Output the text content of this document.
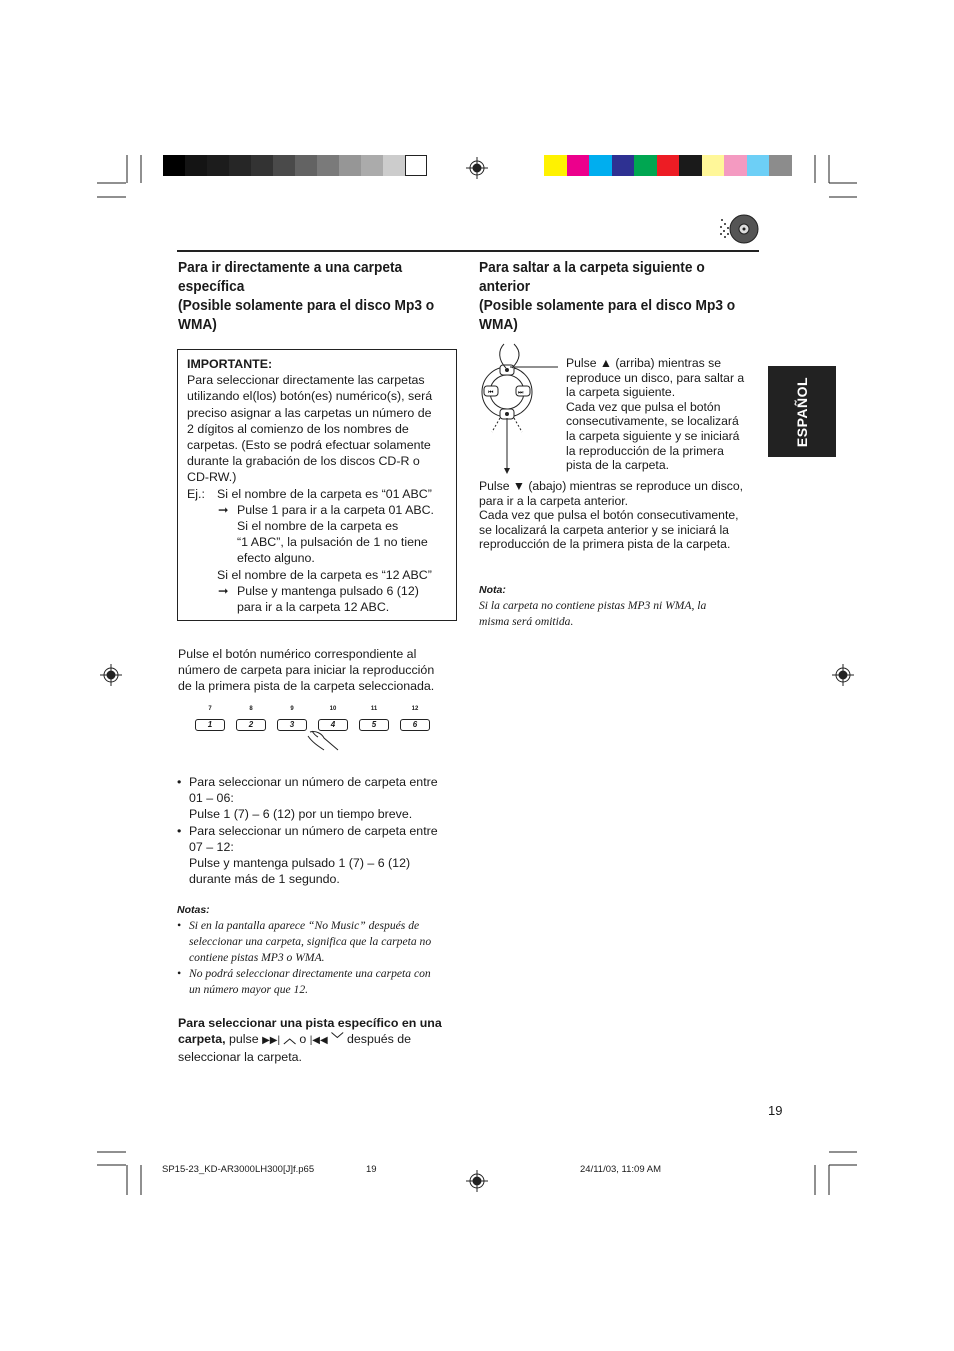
ESPAÑOL
Para ir directamente a una carpeta
específica
(Posible solamente para el disco Mp3 o
WMA)
IMPORTANTE:
Para seleccionar directamente las carpetas
utilizando el(los) botón(es) numérico(s), será
preciso asignar a las carpetas un número de
2 dígitos al comienzo de los nombres de
carpetas. (Esto se podrá efectuar solamente
durante la grabación de los discos CD-R o
CD-RW.)
Ej.: Si el nombre de la carpeta es “01 ABC”
➞ Pulse 1 para ir a la carpeta 01 ABC.
Si el nombre de la carpeta es
“1 ABC”, la pulsación de 1 no tiene
efecto alguno.
Si el nombre de la carpeta es “12 ABC”
➞ Pulse y mantenga pulsado 6 (12)
para ir a la carpeta 12 ABC.
Pulse el botón numérico correspondiente al
número de carpeta para iniciar la reproducción
de la primera pista de la carpeta seleccionada.
7	8	9	10	11	12
1	2	3	4	5	6
• Para seleccionar un número de carpeta entre
01 – 06:
Pulse 1 (7) – 6 (12) por un tiempo breve.
• Para seleccionar un número de carpeta entre
07 – 12:
Pulse y mantenga pulsado 1 (7) – 6 (12)
durante más de 1 segundo.
Notas:
• Si en la pantalla aparece “No Music” después de
seleccionar una carpeta, significa que la carpeta no
contiene pistas MP3 o WMA.
• No podrá seleccionar directamente una carpeta con
un número mayor que 12.
Para seleccionar una pista específico en una
carpeta, pulse ▶▶| ︿ o |◀◀ ﹀ después de
seleccionar la carpeta.
Para saltar a la carpeta siguiente o
anterior
(Posible solamente para el disco Mp3 o
WMA)
⏮	⏭
Pulse ▲ (arriba) mientras se
reproduce un disco, para saltar a
la carpeta siguiente.
Cada vez que pulsa el botón
consecutivamente, se localizará
la carpeta siguiente y se iniciará
la reproducción de la primera
pista de la carpeta.
Pulse ▼ (abajo) mientras se reproduce un disco,
para ir a la carpeta anterior.
Cada vez que pulsa el botón consecutivamente,
se localizará la carpeta anterior y se iniciará la
reproducción de la primera pista de la carpeta.
Nota:
Si la carpeta no contiene pistas MP3 ni WMA, la
misma será omitida.
19
SP15-23_KD-AR3000LH300[J]f.p65	19	24/11/03, 11:09 AM
